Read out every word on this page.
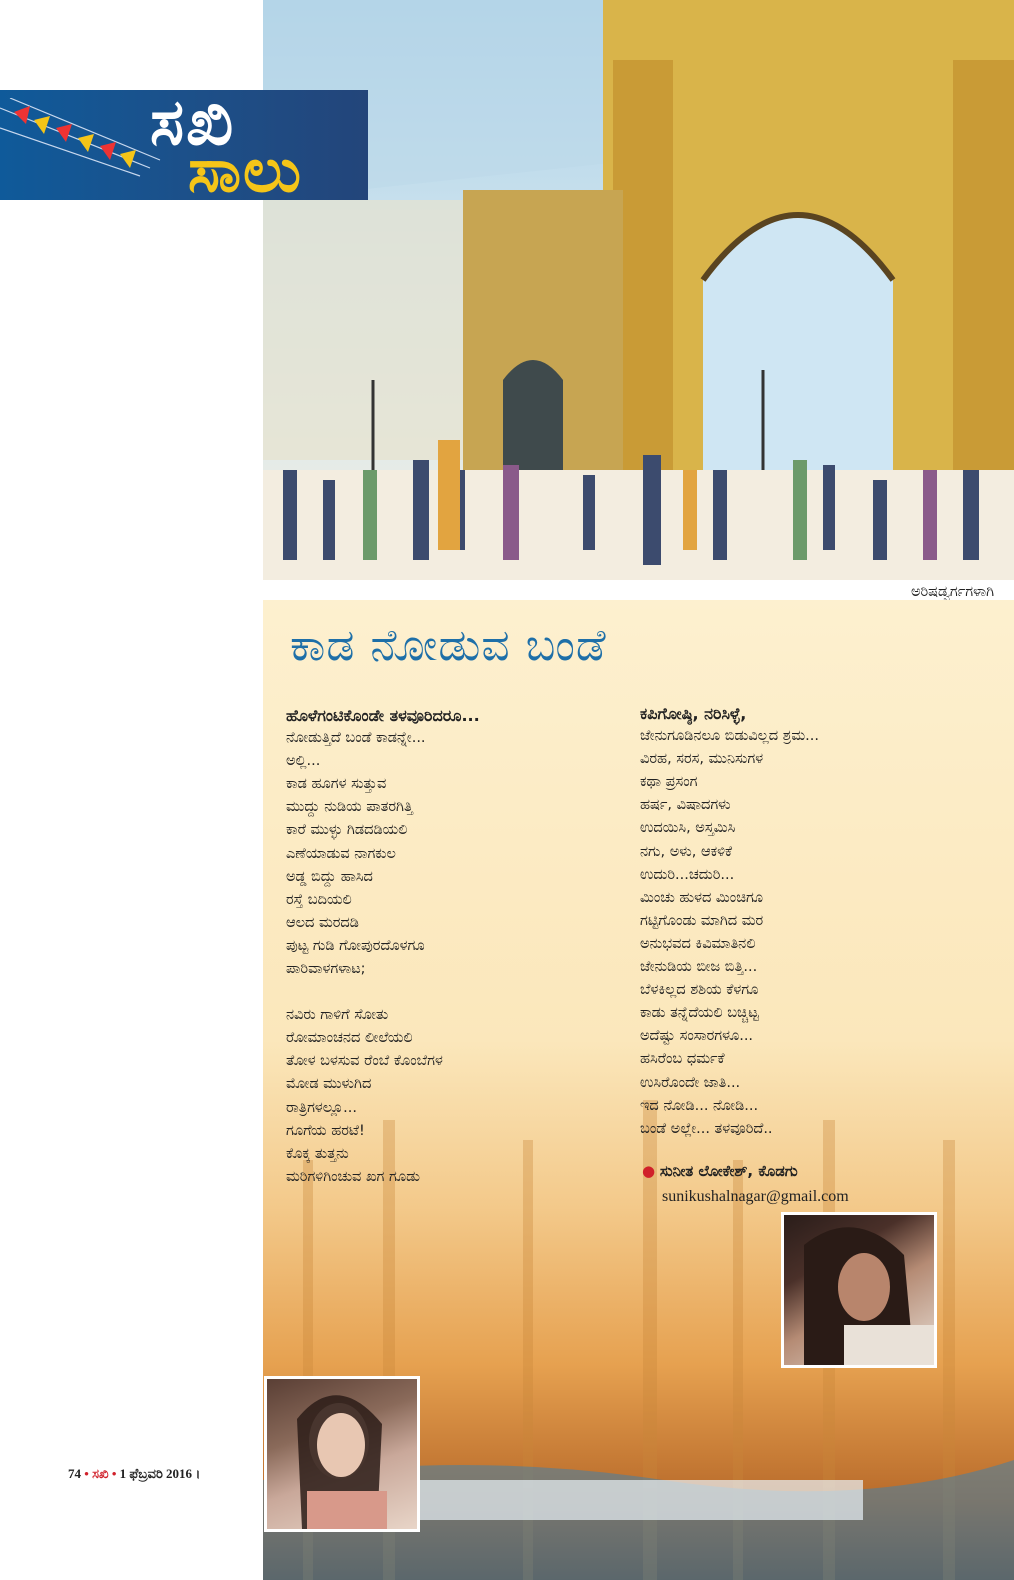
ಸಖಿ
ಸಾಲು
ಅರಿಷಡ್ವರ್ಗಗಳಾಗಿ
74 • ಸಖಿ • 1 ಫೆಬ್ರವರಿ 2016 ।
ಕಾಡ ನೋಡುವ ಬಂಡೆ
ಹೊಳೆಗಂಟಿಕೊಂಡೇ ತಳವೂರಿದರೂ...
ನೋಡುತ್ತಿದೆ ಬಂಡೆ ಕಾಡನ್ನೇ...
ಅಲ್ಲಿ...
ಕಾಡ ಹೂಗಳ ಸುತ್ತುವ
ಮುದ್ದು ನುಡಿಯ ಪಾತರಗಿತ್ತಿ
ಕಾರೆ ಮುಳ್ಳು ಗಿಡದಡಿಯಲಿ
ಎಣೆಯಾಡುವ ನಾಗಕುಲ
ಅಡ್ಡ ಬಿದ್ದು ಹಾಸಿದ
ರಸ್ತೆ ಬದಿಯಲಿ
ಆಲದ ಮರದಡಿ
ಪುಟ್ಟ ಗುಡಿ ಗೋಪುರದೊಳಗೂ
ಪಾರಿವಾಳಗಳಾಟ;
ನವಿರು ಗಾಳಿಗೆ ಸೋತು
ರೋಮಾಂಚನದ ಲೀಲೆಯಲಿ
ತೋಳ ಬಳಸುವ ರೆಂಬೆ ಕೊಂಬೆಗಳ
ಮೋಡ ಮುಳುಗಿದ
ರಾತ್ರಿಗಳಲ್ಲೂ...
ಗೂಗೆಯ ಹರಟೆ!
ಕೊಕ್ಕ ತುತ್ತನು
ಮರಿಗಳಿಗಿಂಚುವ ಖಗ ಗೂಡು
ಕಪಿಗೋಷ್ಠಿ, ನರಿಸಿಳ್ಳೆ,
ಜೇನುಗೂಡಿನಲೂ ಬಿಡುವಿಲ್ಲದ ಶ್ರಮ...
ವಿರಹ, ಸರಸ, ಮುನಿಸುಗಳ
ಕಥಾ ಪ್ರಸಂಗ
ಹರ್ಷ, ವಿಷಾದಗಳು
ಉದಯಿಸಿ, ಅಸ್ತಮಿಸಿ
ನಗು, ಅಳು, ಆಕಳಿಕೆ
ಉದುರಿ...ಚದುರಿ...
ಮಿಂಚು ಹುಳದ ಮಿಂಚಿಗೂ
ಗಟ್ಟಿಗೊಂಡು ಮಾಗಿದ ಮರ
ಅನುಭವದ ಕಿವಿಮಾತಿನಲಿ
ಜೇನುಡಿಯ ಬೀಜ ಬಿತ್ತಿ...
ಬೆಳಕಿಲ್ಲದ ಶಶಿಯ ಕೆಳಗೂ
ಕಾಡು ತನ್ನೆದೆಯಲಿ ಬಚ್ಚಿಟ್ಟ
ಅದೆಷ್ಟು ಸಂಸಾರಗಳೂ...
ಹಸಿರೆಂಬ ಧರ್ಮಕೆ
ಉಸಿರೊಂದೇ ಜಾತಿ...
ಇದ ನೋಡಿ... ನೋಡಿ...
ಬಂಡೆ ಅಲ್ಲೇ... ತಳವೂರಿದೆ..
● ಸುನೀತ ಲೋಕೇಶ್, ಕೊಡಗು
sunikushalnagar@gmail.com
